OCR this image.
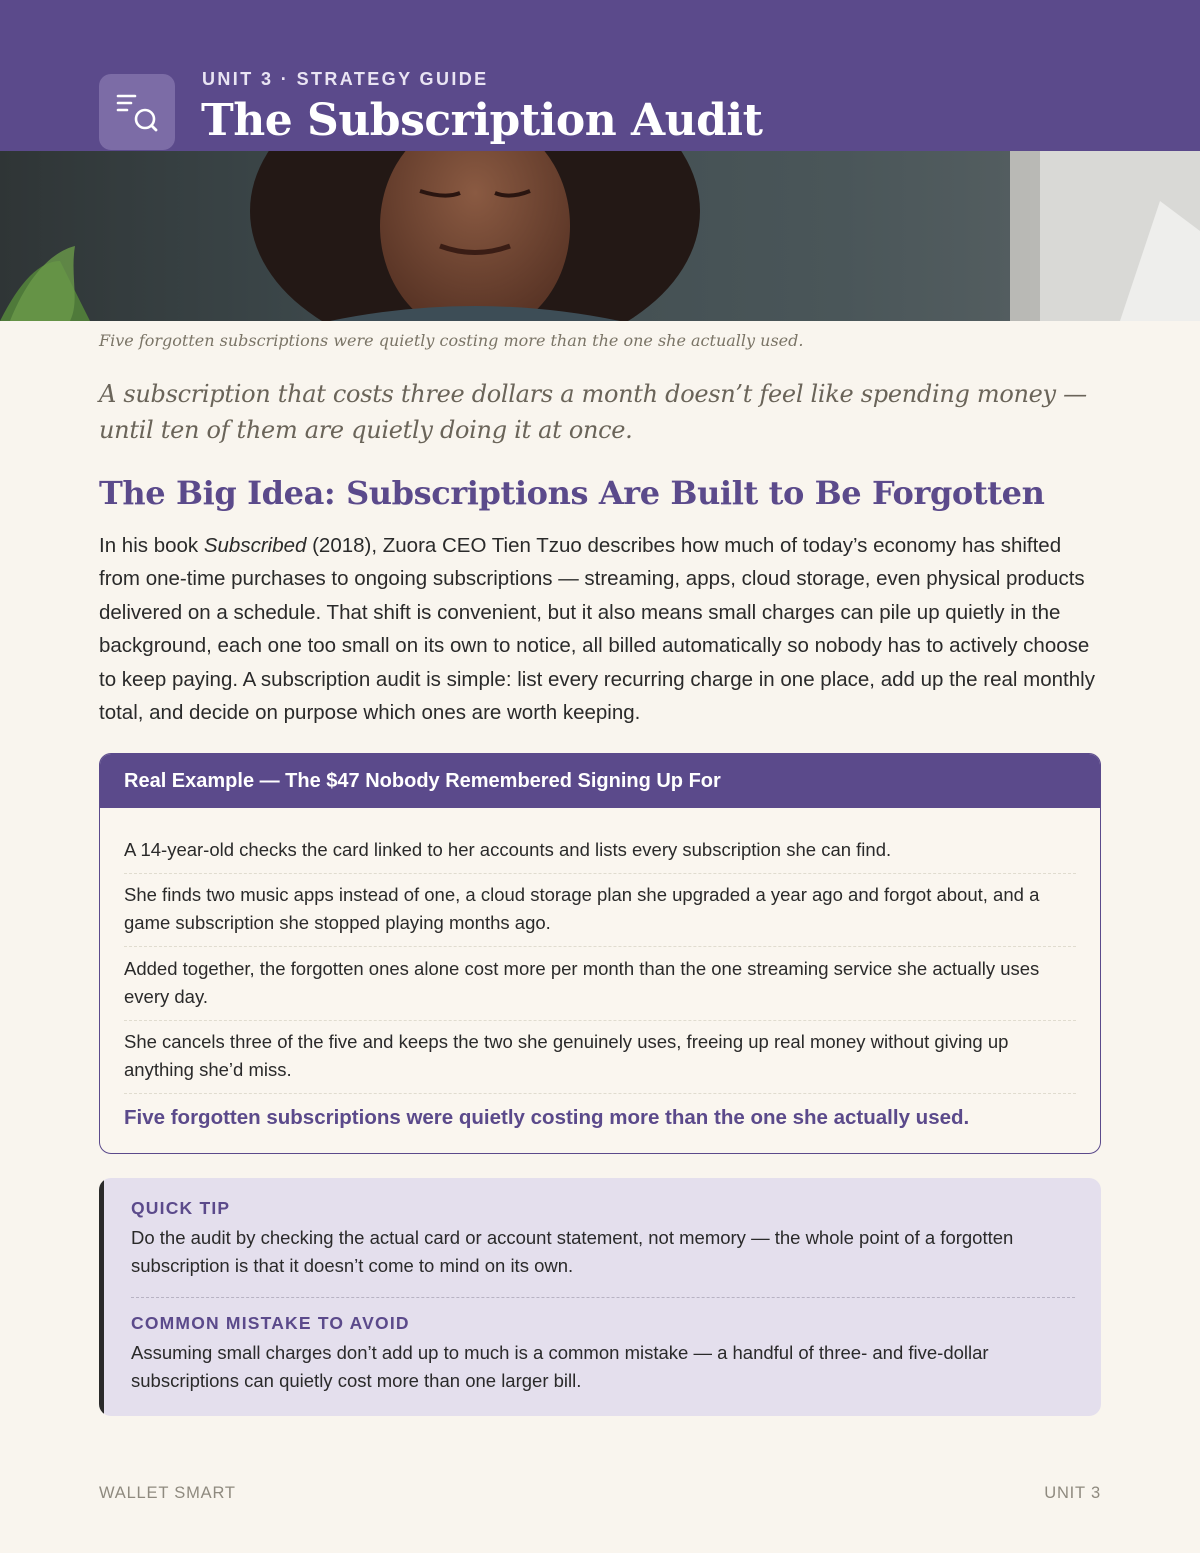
UNIT 3 · STRATEGY GUIDE
The Subscription Audit
Five forgotten subscriptions were quietly costing more than the one she actually used.
A subscription that costs three dollars a month doesn’t feel like spending money — until ten of them are quietly doing it at once.
The Big Idea: Subscriptions Are Built to Be Forgotten
In his book Subscribed (2018), Zuora CEO Tien Tzuo describes how much of today’s economy has shifted from one-time purchases to ongoing subscriptions — streaming, apps, cloud storage, even physical products delivered on a schedule. That shift is convenient, but it also means small charges can pile up quietly in the background, each one too small on its own to notice, all billed automatically so nobody has to actively choose to keep paying. A subscription audit is simple: list every recurring charge in one place, add up the real monthly total, and decide on purpose which ones are worth keeping.
Real Example — The $47 Nobody Remembered Signing Up For
A 14-year-old checks the card linked to her accounts and lists every subscription she can find.
She finds two music apps instead of one, a cloud storage plan she upgraded a year ago and forgot about, and a game subscription she stopped playing months ago.
Added together, the forgotten ones alone cost more per month than the one streaming service she actually uses every day.
She cancels three of the five and keeps the two she genuinely uses, freeing up real money without giving up anything she’d miss.
Five forgotten subscriptions were quietly costing more than the one she actually used.
QUICK TIP
Do the audit by checking the actual card or account statement, not memory — the whole point of a forgotten subscription is that it doesn’t come to mind on its own.
COMMON MISTAKE TO AVOID
Assuming small charges don’t add up to much is a common mistake — a handful of three- and five-dollar subscriptions can quietly cost more than one larger bill.
WALLET SMART	UNIT 3
